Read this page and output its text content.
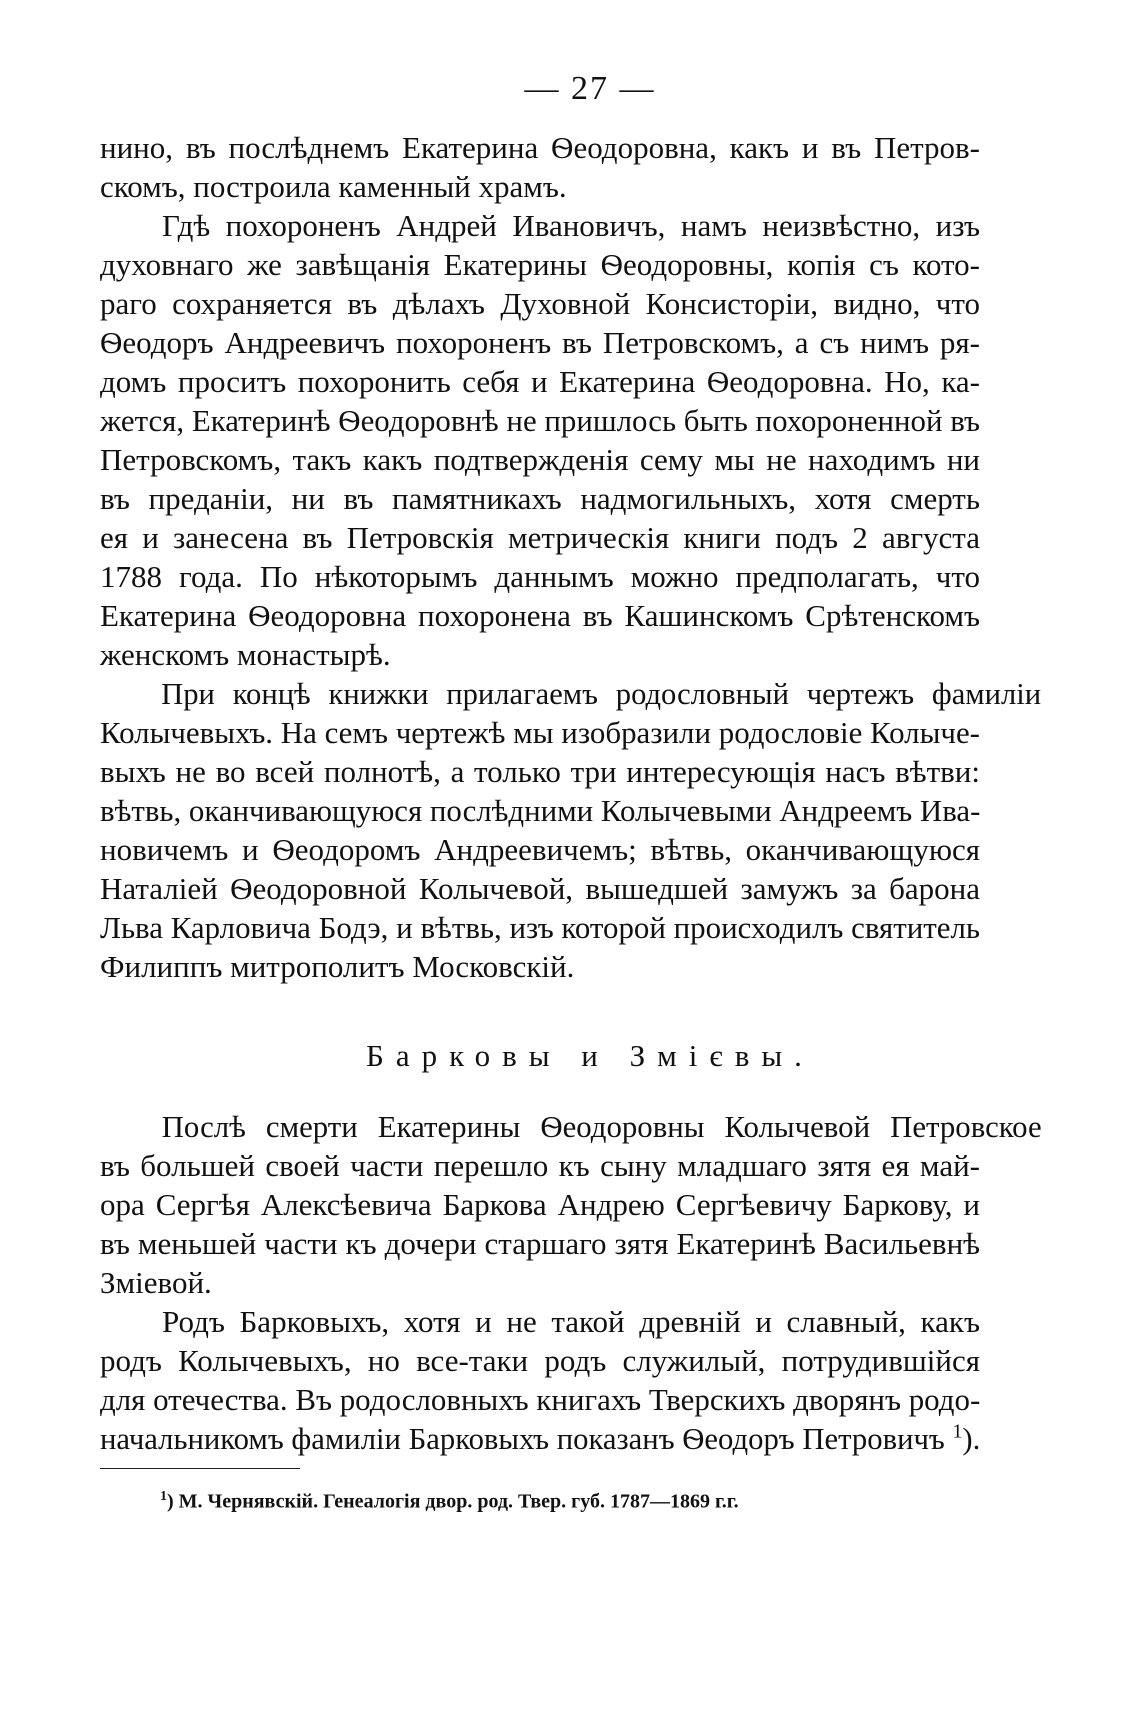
— 27 —
нино, въ послѣднемъ Екатерина Ѳеодоровна, какъ и въ Петров-
скомъ, построила каменный храмъ.
Гдѣ похороненъ Андрей Ивановичъ, намъ неизвѣстно, изъ
духовнаго же завѣщанія Екатерины Ѳеодоровны, копія съ кото-
раго сохраняется въ дѣлахъ Духовной Консисторіи, видно, что
Ѳеодоръ Андреевичъ похороненъ въ Петровскомъ, а съ нимъ ря-
домъ проситъ похоронить себя и Екатерина Ѳеодоровна. Но, ка-
жется, Екатеринѣ Ѳеодоровнѣ не пришлось быть похороненной въ
Петровскомъ, такъ какъ подтвержденія сему мы не находимъ ни
въ преданіи, ни въ памятникахъ надмогильныхъ, хотя смерть
ея и занесена въ Петровскія метрическія книги подъ 2 августа
1788 года. По нѣкоторымъ даннымъ можно предполагать, что
Екатерина Ѳеодоровна похоронена въ Кашинскомъ Срѣтенскомъ
женскомъ монастырѣ.
При концѣ книжки прилагаемъ родословный чертежъ фамиліи
Колычевыхъ. На семъ чертежѣ мы изобразили родословіе Колыче-
выхъ не во всей полнотѣ, а только три интересующія насъ вѣтви:
вѣтвь, оканчивающуюся послѣдними Колычевыми Андреемъ Ива-
новичемъ и Ѳеодоромъ Андреевичемъ; вѣтвь, оканчивающуюся
Наталіей Ѳеодоровной Колычевой, вышедшей замужъ за барона
Льва Карловича Бодэ, и вѣтвь, изъ которой происходилъ святитель
Филиппъ митрополитъ Московскій.
Барковы и Змієвы.
Послѣ смерти Екатерины Ѳеодоровны Колычевой Петровское
въ большей своей части перешло къ сыну младшаго зятя ея май-
ора Сергѣя Алексѣевича Баркова Андрею Сергѣевичу Баркову, и
въ меньшей части къ дочери старшаго зятя Екатеринѣ Васильевнѣ
Зміевой.
Родъ Барковыхъ, хотя и не такой древній и славный, какъ
родъ Колычевыхъ, но все-таки родъ служилый, потрудившійся
для отечества. Въ родословныхъ книгахъ Тверскихъ дворянъ родо-
начальникомъ фамиліи Барковыхъ показанъ Ѳеодоръ Петровичъ $^1$).
$^1$) М. Чернявскій. Генеалогія двор. род. Твер. губ. 1787—1869 г.г.
